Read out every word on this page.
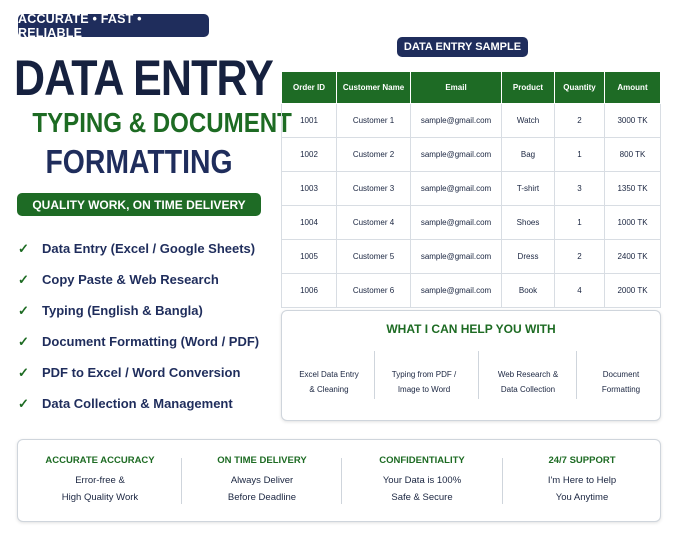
ACCURATE • FAST • RELIABLE
DATA ENTRY
TYPING & DOCUMENT
FORMATTING
QUALITY WORK, ON TIME DELIVERY
✓	Data Entry (Excel / Google Sheets)
✓	Copy Paste & Web Research
✓	Typing (English & Bangla)
✓	Document Formatting (Word / PDF)
✓	PDF to Excel / Word Conversion
✓	Data Collection & Management
DATA ENTRY SAMPLE
Order ID	Customer Name	Email	Product	Quantity	Amount
1001	Customer 1	sample@gmail.com	Watch	2	3000 TK
1002	Customer 2	sample@gmail.com	Bag	1	800 TK
1003	Customer 3	sample@gmail.com	T-shirt	3	1350 TK
1004	Customer 4	sample@gmail.com	Shoes	1	1000 TK
1005	Customer 5	sample@gmail.com	Dress	2	2400 TK
1006	Customer 6	sample@gmail.com	Book	4	2000 TK
WHAT I CAN HELP YOU WITH
Excel Data Entry
& Cleaning
Typing from PDF /
Image to Word
Web Research &
Data Collection
Document
Formatting
ACCURATE ACCURACY
Error-free &
High Quality Work
ON TIME DELIVERY
Always Deliver
Before Deadline
CONFIDENTIALITY
Your Data is 100%
Safe & Secure
24/7 SUPPORT
I'm Here to Help
You Anytime
